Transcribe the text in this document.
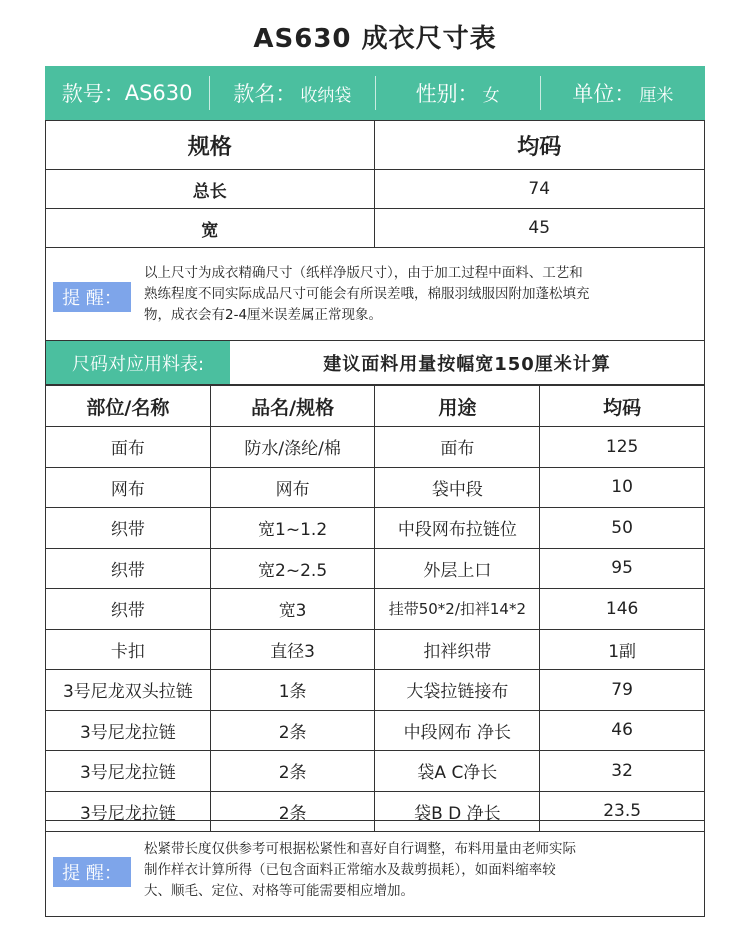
AS630 成衣尺寸表
款号： AS630 款名： 收纳袋	性别： 女	单位： 厘米
规格	均码
总长	74
宽	45
提 醒：
以上尺寸为成衣精确尺寸（纸样净版尺寸），由于加工过程中面料、工艺和
熟练程度不同实际成品尺寸可能会有所误差哦，棉服羽绒服因附加蓬松填充
物，成衣会有2-4厘米误差属正常现象。
尺码对应用料表:	建议面料用量按幅宽150厘米计算
部位/名称	品名/规格	用途	均码
面布	防水/涤纶/棉	面布	125
网布	网布	袋中段	10
织带	宽1~1.2	中段网布拉链位	50
织带	宽2~2.5	外层上口	95
织带	宽3	挂带50*2/扣袢14*2	146
卡扣	直径3	扣袢织带	1副
3号尼龙双头拉链	1条	大袋拉链接布	79
3号尼龙拉链	2条	中段网布 净长	46
3号尼龙拉链	2条	袋A C净长	32
3号尼龙拉链	2条	袋B D 净长	23.5
提 醒：
松紧带长度仅供参考可根据松紧性和喜好自行调整，布料用量由老师实际
制作样衣计算所得（已包含面料正常缩水及裁剪损耗），如面料缩率较
大、顺毛、定位、对格等可能需要相应增加。
